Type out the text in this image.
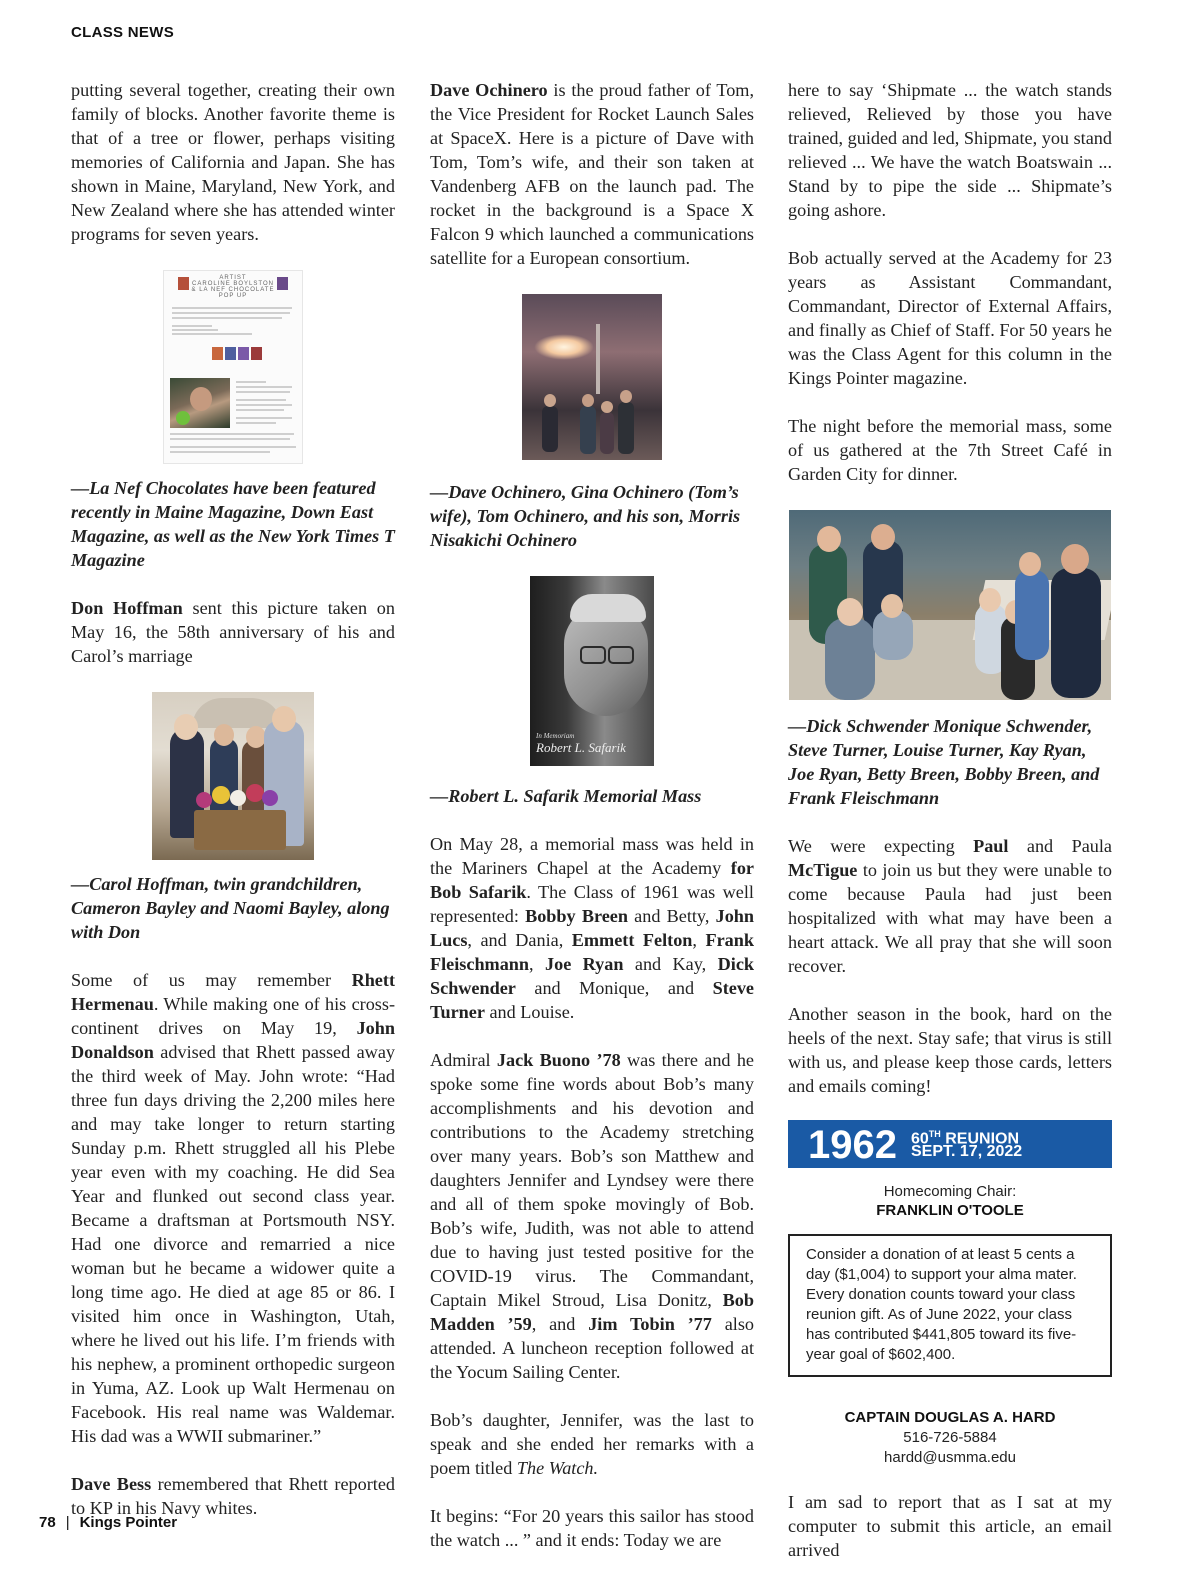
CLASS NEWS

putting several together, creating their own family of blocks. Another favorite theme is that of a tree or flower, perhaps visiting memories of California and Japan. She has shown in Maine, Maryland, New York, and New Zealand where she has attended winter programs for seven years.

ARTIST
CAROLINE BOYLSTON
& LA NEF CHOCOLATE
POP UP

—La Nef Chocolates have been featured recently in Maine Magazine, Down East Magazine, as well as the New York Times T Magazine

Don Hoffman sent this picture taken on May 16, the 58th anniversary of his and Carol’s marriage

—Carol Hoffman, twin grandchildren, Cameron Bayley and Naomi Bayley, along with Don

Some of us may remember Rhett Hermenau. While making one of his cross-continent drives on May 19, John Donaldson advised that Rhett passed away the third week of May. John wrote: “Had three fun days driving the 2,200 miles here and may take longer to return starting Sunday p.m. Rhett struggled all his Plebe year even with my coaching. He did Sea Year and flunked out second class year. Became a draftsman at Portsmouth NSY. Had one divorce and remarried a nice woman but he became a widower quite a long time ago. He died at age 85 or 86. I visited him once in Washington, Utah, where he lived out his life. I’m friends with his nephew, a prominent orthopedic surgeon in Yuma, AZ. Look up Walt Hermenau on Facebook. His real name was Waldemar. His dad was a WWII submariner.”

Dave Bess remembered that Rhett reported to KP in his Navy whites.

Dave Ochinero is the proud father of Tom, the Vice President for Rocket Launch Sales at SpaceX. Here is a picture of Dave with Tom, Tom’s wife, and their son taken at Vandenberg AFB on the launch pad. The rocket in the background is a Space X Falcon 9 which launched a communications satellite for a European consortium.

—Dave Ochinero, Gina Ochinero (Tom’s wife), Tom Ochinero, and his son, Morris Nisakichi Ochinero

In Memoriam
Robert L. Safarik

—Robert L. Safarik Memorial Mass

On May 28, a memorial mass was held in the Mariners Chapel at the Academy for Bob Safarik. The Class of 1961 was well represented: Bobby Breen and Betty, John Lucs, and Dania, Emmett Felton, Frank Fleischmann, Joe Ryan and Kay, Dick Schwender and Monique, and Steve Turner and Louise.

Admiral Jack Buono ’78 was there and he spoke some fine words about Bob’s many accomplishments and his devotion and contributions to the Academy stretching over many years. Bob’s son Matthew and daughters Jennifer and Lyndsey were there and all of them spoke movingly of Bob. Bob’s wife, Judith, was not able to attend due to having just tested positive for the COVID-19 virus. The Commandant, Captain Mikel Stroud, Lisa Donitz, Bob Madden ’59, and Jim Tobin ’77 also attended. A luncheon reception followed at the Yocum Sailing Center.

Bob’s daughter, Jennifer, was the last to speak and she ended her remarks with a poem titled The Watch.

It begins: “For 20 years this sailor has stood the watch ... ” and it ends: Today we are

here to say ‘Shipmate ... the watch stands relieved, Relieved by those you have trained, guided and led, Shipmate, you stand relieved ... We have the watch Boatswain ... Stand by to pipe the side ... Shipmate’s going ashore.

Bob actually served at the Academy for 23 years as Assistant Commandant, Commandant, Director of External Affairs, and finally as Chief of Staff. For 50 years he was the Class Agent for this column in the Kings Pointer magazine.

The night before the memorial mass, some of us gathered at the 7th Street Café in Garden City for dinner.

—Dick Schwender Monique Schwender, Steve Turner, Louise Turner, Kay Ryan, Joe Ryan, Betty Breen, Bobby Breen, and Frank Fleischmann

We were expecting Paul and Paula McTigue to join us but they were unable to come because Paula had just been hospitalized with what may have been a heart attack. We all pray that she will soon recover.

Another season in the book, hard on the heels of the next. Stay safe; that virus is still with us, and please keep those cards, letters and emails coming!

1962 60TH REUNION
SEPT. 17, 2022
Homecoming Chair:
FRANKLIN O'TOOLE
Consider a donation of at least 5 cents a day ($1,004) to support your alma mater. Every donation counts toward your class reunion gift. As of June 2022, your class has contributed $441,805 toward its five-year goal of $602,400.
CAPTAIN DOUGLAS A. HARD
516-726-5884
hardd@usmma.edu

I am sad to report that as I sat at my computer to submit this article, an email arrived

78 | Kings Pointer
